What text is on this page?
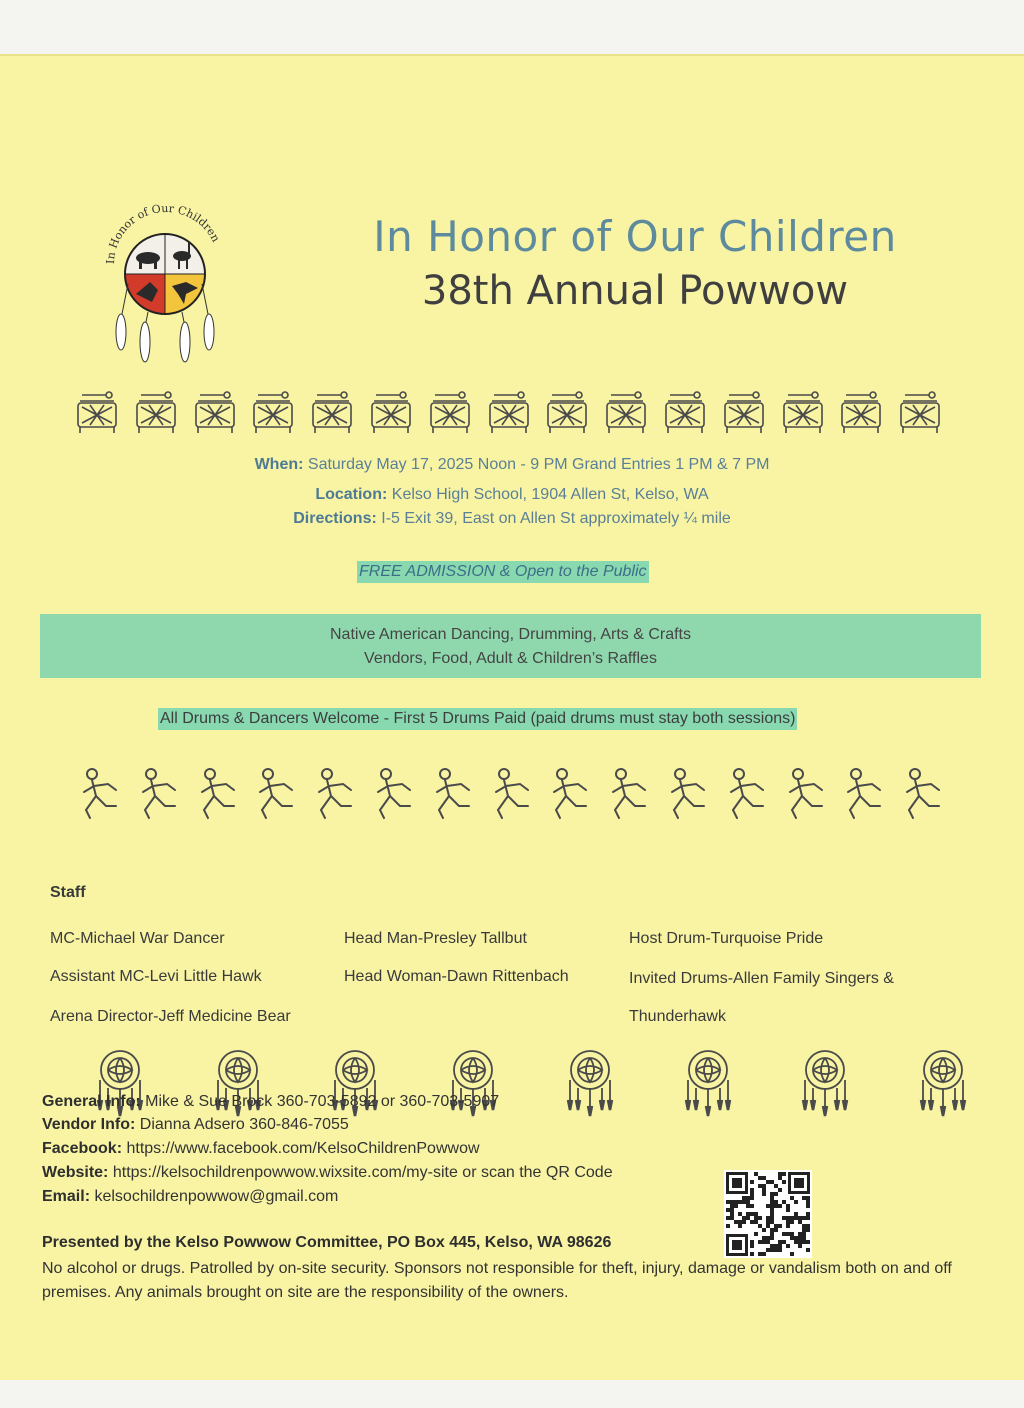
In Honor of Our Children	In Honor of Our Children
38th Annual Powwow
When: Saturday May 17, 2025 Noon - 9 PM Grand Entries 1 PM & 7 PM
Location: Kelso High School, 1904 Allen St, Kelso, WA
Directions: I-5 Exit 39, East on Allen St approximately ¼ mile
FREE ADMISSION & Open to the Public
Native American Dancing, Drumming, Arts & Crafts
Vendors, Food, Adult & Children’s Raffles
All Drums & Dancers Welcome - First 5 Drums Paid (paid drums must stay both sessions)
Staff
MC-Michael War Dancer
Assistant MC-Levi Little Hawk
Arena Director-Jeff Medicine Bear
Head Man-Presley Tallbut
Head Woman-Dawn Rittenbach
Host Drum-Turquoise Pride
Invited Drums-Allen Family Singers &
Thunderhawk
General Info: Mike & Sue Brock 360-703-5892 or 360-703-5907
Vendor Info: Dianna Adsero 360-846-7055
Facebook: https://www.facebook.com/KelsoChildrenPowwow
Website: https://kelsochildrenpowwow.wixsite.com/my-site or scan the QR Code
Email: kelsochildrenpowwow@gmail.com
Presented by the Kelso Powwow Committee, PO Box 445, Kelso, WA 98626
No alcohol or drugs. Patrolled by on-site security. Sponsors not responsible for theft, injury, damage or vandalism both on and off premises. Any animals brought on site are the responsibility of the owners.
